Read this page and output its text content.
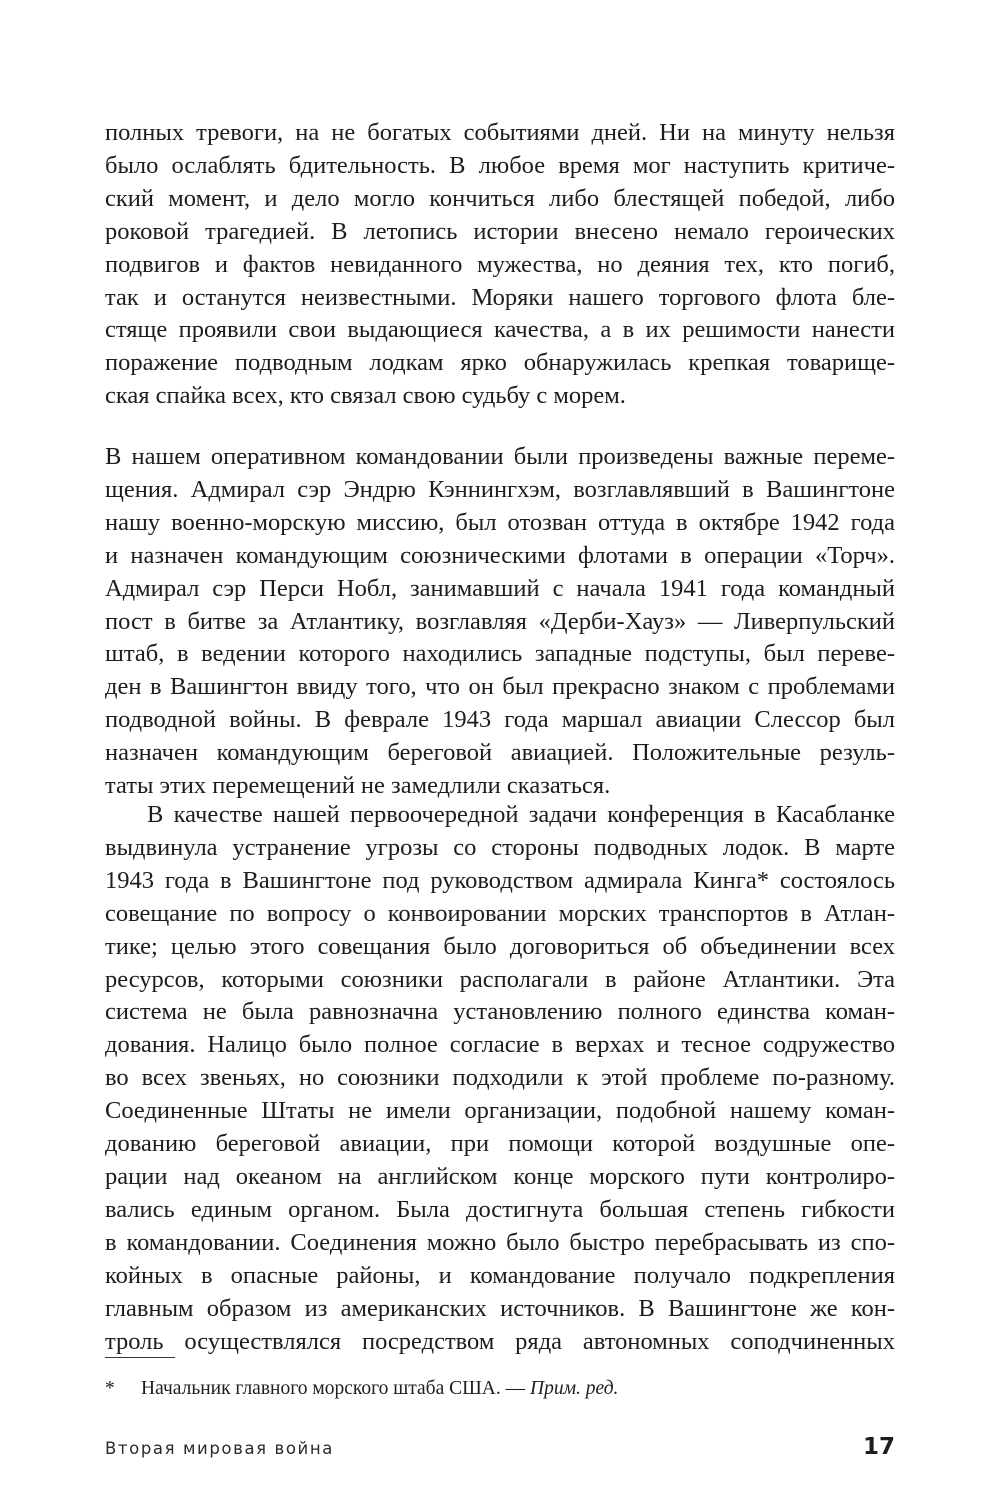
полных тревоги, на не богатых событиями дней. Ни на минуту нельзя
было ослаблять бдительность. В любое время мог наступить критиче-
ский момент, и дело могло кончиться либо блестящей победой, либо
роковой трагедией. В летопись истории внесено немало героических
подвигов и фактов невиданного мужества, но деяния тех, кто погиб,
так и останутся неизвестными. Моряки нашего торгового флота бле-
стяще проявили свои выдающиеся качества, а в их решимости нанести
поражение подводным лодкам ярко обнаружилась крепкая товарище-
ская спайка всех, кто связал свою судьбу с морем.
В нашем оперативном командовании были произведены важные переме-
щения. Адмирал сэр Эндрю Кэннингхэм, возглавлявший в Вашингтоне
нашу военно-морскую миссию, был отозван оттуда в октябре 1942 года
и назначен командующим союзническими флотами в операции «Торч».
Адмирал сэр Перси Нобл, занимавший с начала 1941 года командный
пост в битве за Атлантику, возглавляя «Дерби-Хауз» — Ливерпульский
штаб, в ведении которого находились западные подступы, был переве-
ден в Вашингтон ввиду того, что он был прекрасно знаком с проблемами
подводной войны. В феврале 1943 года маршал авиации Слессор был
назначен командующим береговой авиацией. Положительные резуль-
таты этих перемещений не замедлили сказаться.
В качестве нашей первоочередной задачи конференция в Касабланке
выдвинула устранение угрозы со стороны подводных лодок. В марте
1943 года в Вашингтоне под руководством адмирала Кинга* состоялось
совещание по вопросу о конвоировании морских транспортов в Атлан-
тике; целью этого совещания было договориться об объединении всех
ресурсов, которыми союзники располагали в районе Атлантики. Эта
система не была равнозначна установлению полного единства коман-
дования. Налицо было полное согласие в верхах и тесное содружество
во всех звеньях, но союзники подходили к этой проблеме по-разному.
Соединенные Штаты не имели организации, подобной нашему коман-
дованию береговой авиации, при помощи которой воздушные опе-
рации над океаном на английском конце морского пути контролиро-
вались единым органом. Была достигнута большая степень гибкости
в командовании. Соединения можно было быстро перебрасывать из спо-
койных в опасные районы, и командование получало подкрепления
главным образом из американских источников. В Вашингтоне же кон-
троль осуществлялся посредством ряда автономных соподчиненных
* Начальник главного морского штаба США. — Прим. ред.
Вторая мировая война	17
